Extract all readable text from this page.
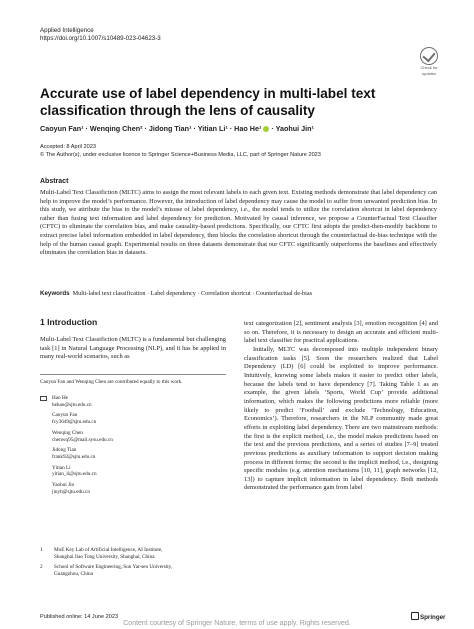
Applied Intelligence
https://doi.org/10.1007/s10489-023-04623-3
Check for
updates
Accurate use of label dependency in multi-label text classification through the lens of causality
Caoyun Fan¹ · Wenqing Chen² · Jidong Tian¹ · Yitian Li¹ · Hao He¹ · Yaohui Jin¹
Accepted: 8 April 2023
© The Author(s), under exclusive licence to Springer Science+Business Media, LLC, part of Springer Nature 2023
Abstract
Multi-Label Text Classifiction (MLTC) aims to assign the most relevant labels to each given text. Existing methods demonstrate that label dependency can help to improve the model’s performance. However, the introduction of label dependency may cause the model to suffer from unwanted prediction bias. In this study, we attribute the bias to the model’s misuse of label dependency, i.e., the model tends to utilize the correlation shortcut in label dependency rather than fusing text information and label dependency for prediction. Motivated by causal inference, we propose a CounterFactual Text Classifier (CFTC) to eliminate the correlation bias, and make causality-based predictions. Specifically, our CFTC first adopts the predict-then-modify backbone to extract precise label information embedded in label dependency, then blocks the correlation shortcut through the counterfactual de-bias technique with the help of the human causal graph. Experimental results on three datasets demonstrate that our CFTC significantly outperforms the baselines and effectively eliminates the correlation bias in datasets.
Keywords Multi-label text classification · Label dependency · Correlation shortcut · Counterfactual de-bias
1 Introduction
Multi-Label Text Classifiction (MLTC) is a fundamental but challenging task [1] in Natural Language Processing (NLP), and it has be applied in many real-world scenarios, such as
Caoyun Fan and Wenqing Chen are contributed equally to this work.
Hao He
hehao@sjtu.edu.cn
Caoyun Fan
fcy3649@sjtu.edu.cn
Wenqing Chen
chenwq95@mail.sysu.edu.cn
Jidong Tian
frank92@sjtu.edu.cn
Yitian Li
yitian_li@sjtu.edu.cn
Yaohui Jin
jinyh@sjtu.edu.cn
1	MoE Key Lab of Artificial Intelligence, AI Institute,
Shanghai Jiao Tong University, Shanghai, China
2	School of Software Engineering, Sun Yat-sen University,
Guangzhou, China

text categorization [2], sentiment analysis [3], emotion recognition [4] and so on. Therefore, it is necessary to design an accurate and efficient multi-label text classifier for practical applications.

Initially, MLTC was decomposed into multiple independent binary classification tasks [5]. Soon the researchers realized that Label Dependency (LD) [6] could be exploited to improve performance. Intuitively, knowing some labels makes it easier to predict other labels, because the labels tend to have dependency [7]. Taking Table 1 as an example, the given labels ‘Sports, World Cup’ provide additional information, which makes the following predictions more reliable (more likely to predict ‘Football’ and exclude ‘Technology, Education, Economics’). Therefore, researchers in the NLP community made great efforts in exploiting label dependency. There are two mainstream methods: the first is the explicit method, i.e., the model makes predictions based on the text and the previous predictions, and a series of studies [7–9] treated previous predictions as auxiliary information to support decision making process in different forms; the second is the implicit method, i.e., designing specific modules (e.g. attention mechanisms [10, 11], graph networks [12, 13]) to capture implicit information in label dependency. Both methods demonstrated the performance gain from label

Published online: 14 June 2023	Springer
Content courtesy of Springer Nature, terms of use apply. Rights reserved.
